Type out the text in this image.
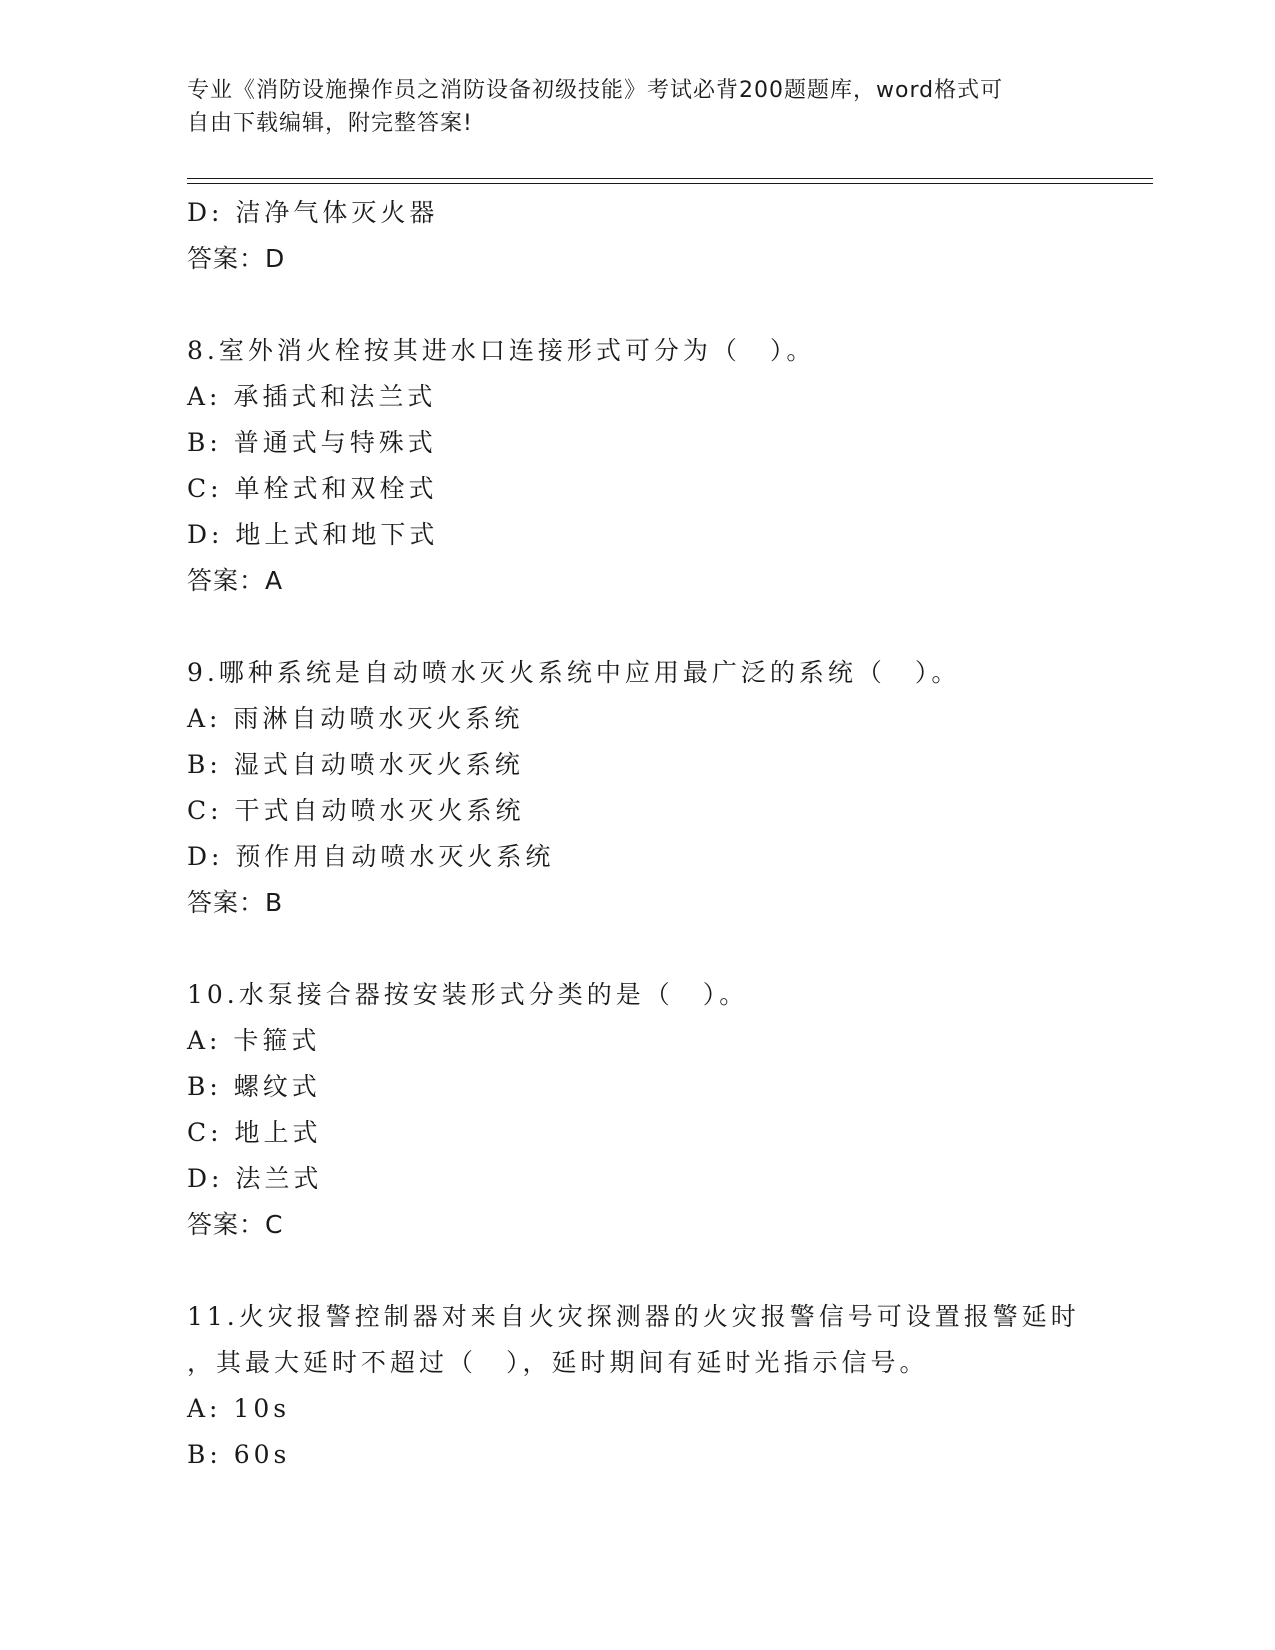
专业《消防设施操作员之消防设备初级技能》考试必背200题题库，word格式可
自由下载编辑，附完整答案!
D: 洁净气体灭火器
答案：D
8.室外消火栓按其进水口连接形式可分为（　）。
A: 承插式和法兰式
B: 普通式与特殊式
C: 单栓式和双栓式
D: 地上式和地下式
答案：A
9.哪种系统是自动喷水灭火系统中应用最广泛的系统（　）。
A: 雨淋自动喷水灭火系统
B: 湿式自动喷水灭火系统
C: 干式自动喷水灭火系统
D: 预作用自动喷水灭火系统
答案：B
10.水泵接合器按安装形式分类的是（　）。
A: 卡箍式
B: 螺纹式
C: 地上式
D: 法兰式
答案：C
11.火灾报警控制器对来自火灾探测器的火灾报警信号可设置报警延时
，其最大延时不超过（　），延时期间有延时光指示信号。
A: 10s
B: 60s
